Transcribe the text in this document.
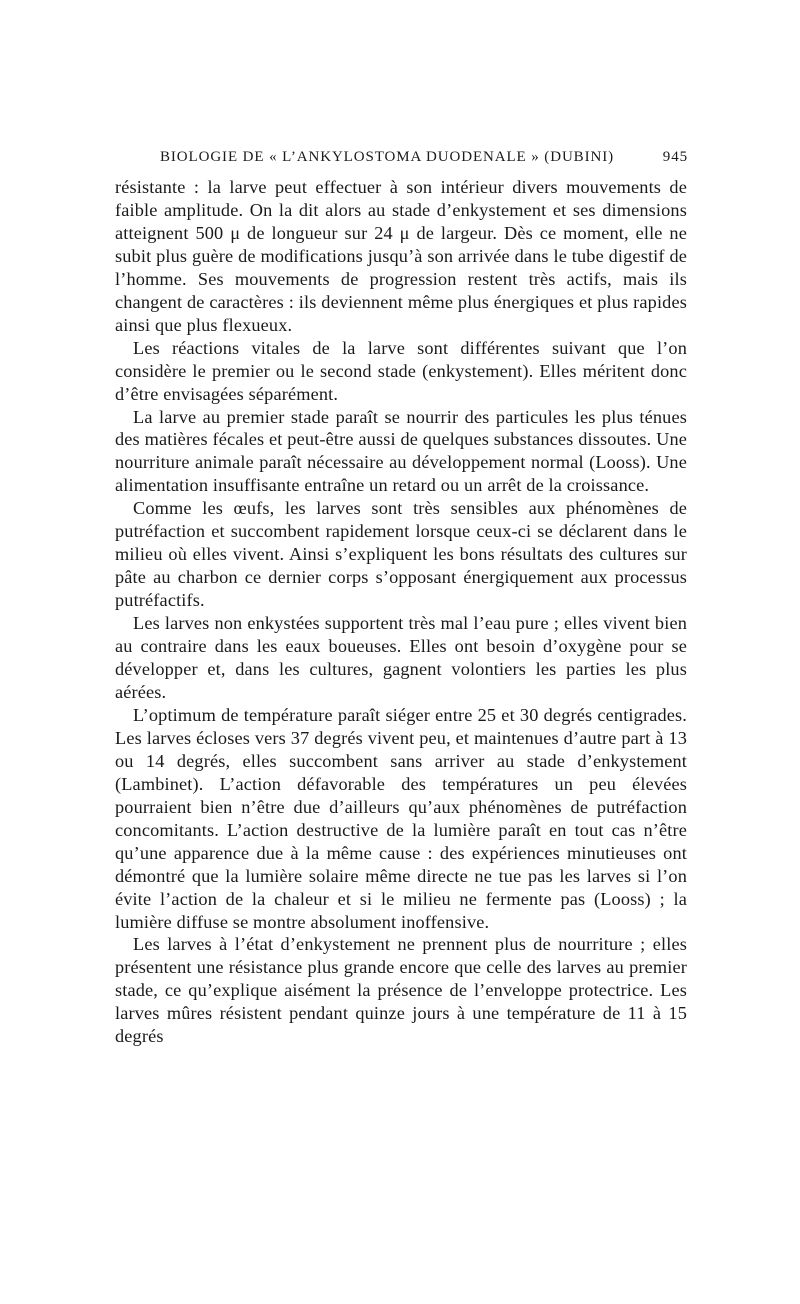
BIOLOGIE DE « L’ANKYLOSTOMA DUODENALE » (DUBINI)	945

résistante : la larve peut effectuer à son intérieur divers mouvements de faible amplitude. On la dit alors au stade d’enkystement et ses dimensions atteignent 500 μ de longueur sur 24 μ de largeur. Dès ce moment, elle ne subit plus guère de modifications jusqu’à son arrivée dans le tube digestif de l’homme. Ses mouvements de progression restent très actifs, mais ils changent de caractères : ils deviennent même plus énergiques et plus rapides ainsi que plus flexueux.

Les réactions vitales de la larve sont différentes suivant que l’on considère le premier ou le second stade (enkystement). Elles méritent donc d’être envisagées séparément.

La larve au premier stade paraît se nourrir des particules les plus ténues des matières fécales et peut-être aussi de quelques substances dissoutes. Une nourriture animale paraît nécessaire au développement normal (Looss). Une alimentation insuffisante entraîne un retard ou un arrêt de la croissance.

Comme les œufs, les larves sont très sensibles aux phénomènes de putréfaction et succombent rapidement lorsque ceux-ci se déclarent dans le milieu où elles vivent. Ainsi s’expliquent les bons résultats des cultures sur pâte au charbon ce dernier corps s’opposant énergiquement aux processus putréfactifs.

Les larves non enkystées supportent très mal l’eau pure ; elles vivent bien au contraire dans les eaux boueuses. Elles ont besoin d’oxygène pour se développer et, dans les cultures, gagnent volontiers les parties les plus aérées.

L’optimum de température paraît siéger entre 25 et 30 degrés centigrades. Les larves écloses vers 37 degrés vivent peu, et maintenues d’autre part à 13 ou 14 degrés, elles succombent sans arriver au stade d’enkystement (Lambinet). L’action défavorable des températures un peu élevées pourraient bien n’être due d’ailleurs qu’aux phénomènes de putréfaction concomitants. L’action destructive de la lumière paraît en tout cas n’être qu’une apparence due à la même cause : des expériences minutieuses ont démontré que la lumière solaire même directe ne tue pas les larves si l’on évite l’action de la chaleur et si le milieu ne fermente pas (Looss) ; la lumière diffuse se montre absolument inoffensive.

Les larves à l’état d’enkystement ne prennent plus de nourriture ; elles présentent une résistance plus grande encore que celle des larves au premier stade, ce qu’explique aisément la présence de l’enveloppe protectrice. Les larves mûres résistent pendant quinze jours à une température de 11 à 15 degrés
